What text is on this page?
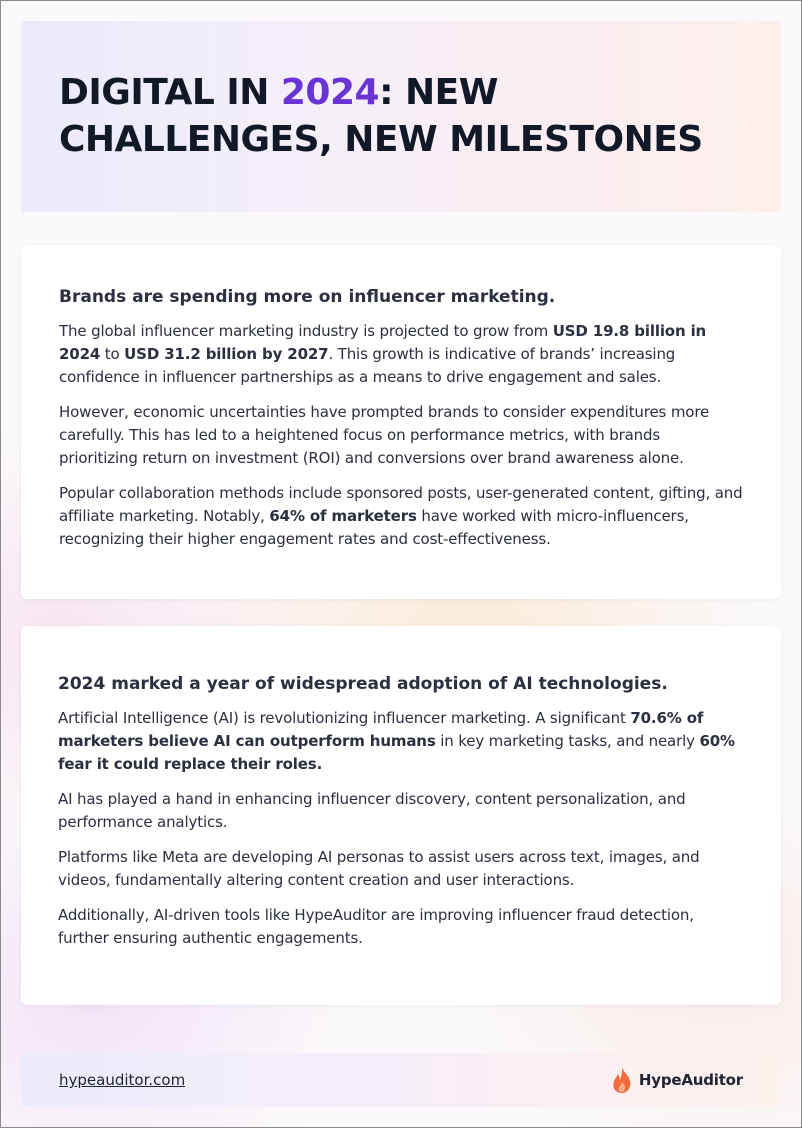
DIGITAL IN 2024: NEW
CHALLENGES, NEW MILESTONES
Brands are spending more on influencer marketing.

The global influencer marketing industry is projected to grow from USD 19.8 billion in 2024 to USD 31.2 billion by 2027. This growth is indicative of brands’ increasing confidence in influencer partnerships as a means to drive engagement and sales.

However, economic uncertainties have prompted brands to consider expenditures more carefully. This has led to a heightened focus on performance metrics, with brands prioritizing return on investment (ROI) and conversions over brand awareness alone.

Popular collaboration methods include sponsored posts, user-generated content, gifting, and affiliate marketing. Notably, 64% of marketers have worked with micro-influencers, recognizing their higher engagement rates and cost-effectiveness.

2024 marked a year of widespread adoption of AI technologies.

Artificial Intelligence (AI) is revolutionizing influencer marketing. A significant 70.6% of marketers believe AI can outperform humans in key marketing tasks, and nearly 60% fear it could replace their roles.

AI has played a hand in enhancing influencer discovery, content personalization, and performance analytics.

Platforms like Meta are developing AI personas to assist users across text, images, and videos, fundamentally altering content creation and user interactions.

Additionally, AI-driven tools like HypeAuditor are improving influencer fraud detection, further ensuring authentic engagements.

hypeauditor.com	HypeAuditor
